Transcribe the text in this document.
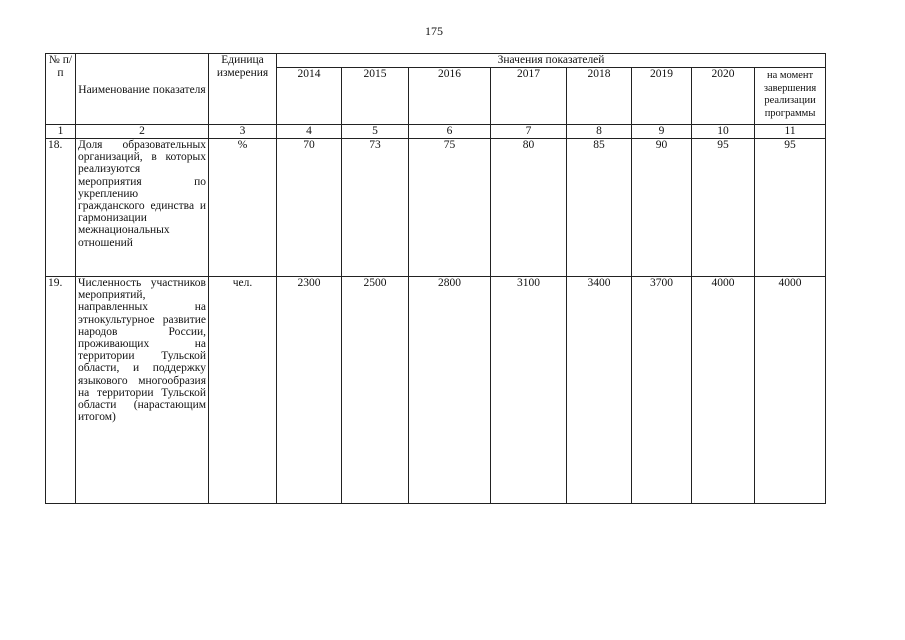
175
№ п/п	Наименование показателя	Единица измерения	Значения показателей							
			2014	2015	2016	2017	2018	2019	2020	на момент завершения реализации программы
1	2	3	4	5	6	7	8	9	10	11
18.	Доля образовательных организаций, в которых реализуются мероприятия по укреплению гражданского единства и гармонизации межнациональных отношений	%	70	73	75	80	85	90	95	95
19.	Численность участников мероприятий, направленных на этнокультурное развитие народов России, проживающих на территории Тульской области, и поддержку языкового многообразия на территории Тульской области (нарастающим итогом)	чел.	2300	2500	2800	3100	3400	3700	4000	4000
